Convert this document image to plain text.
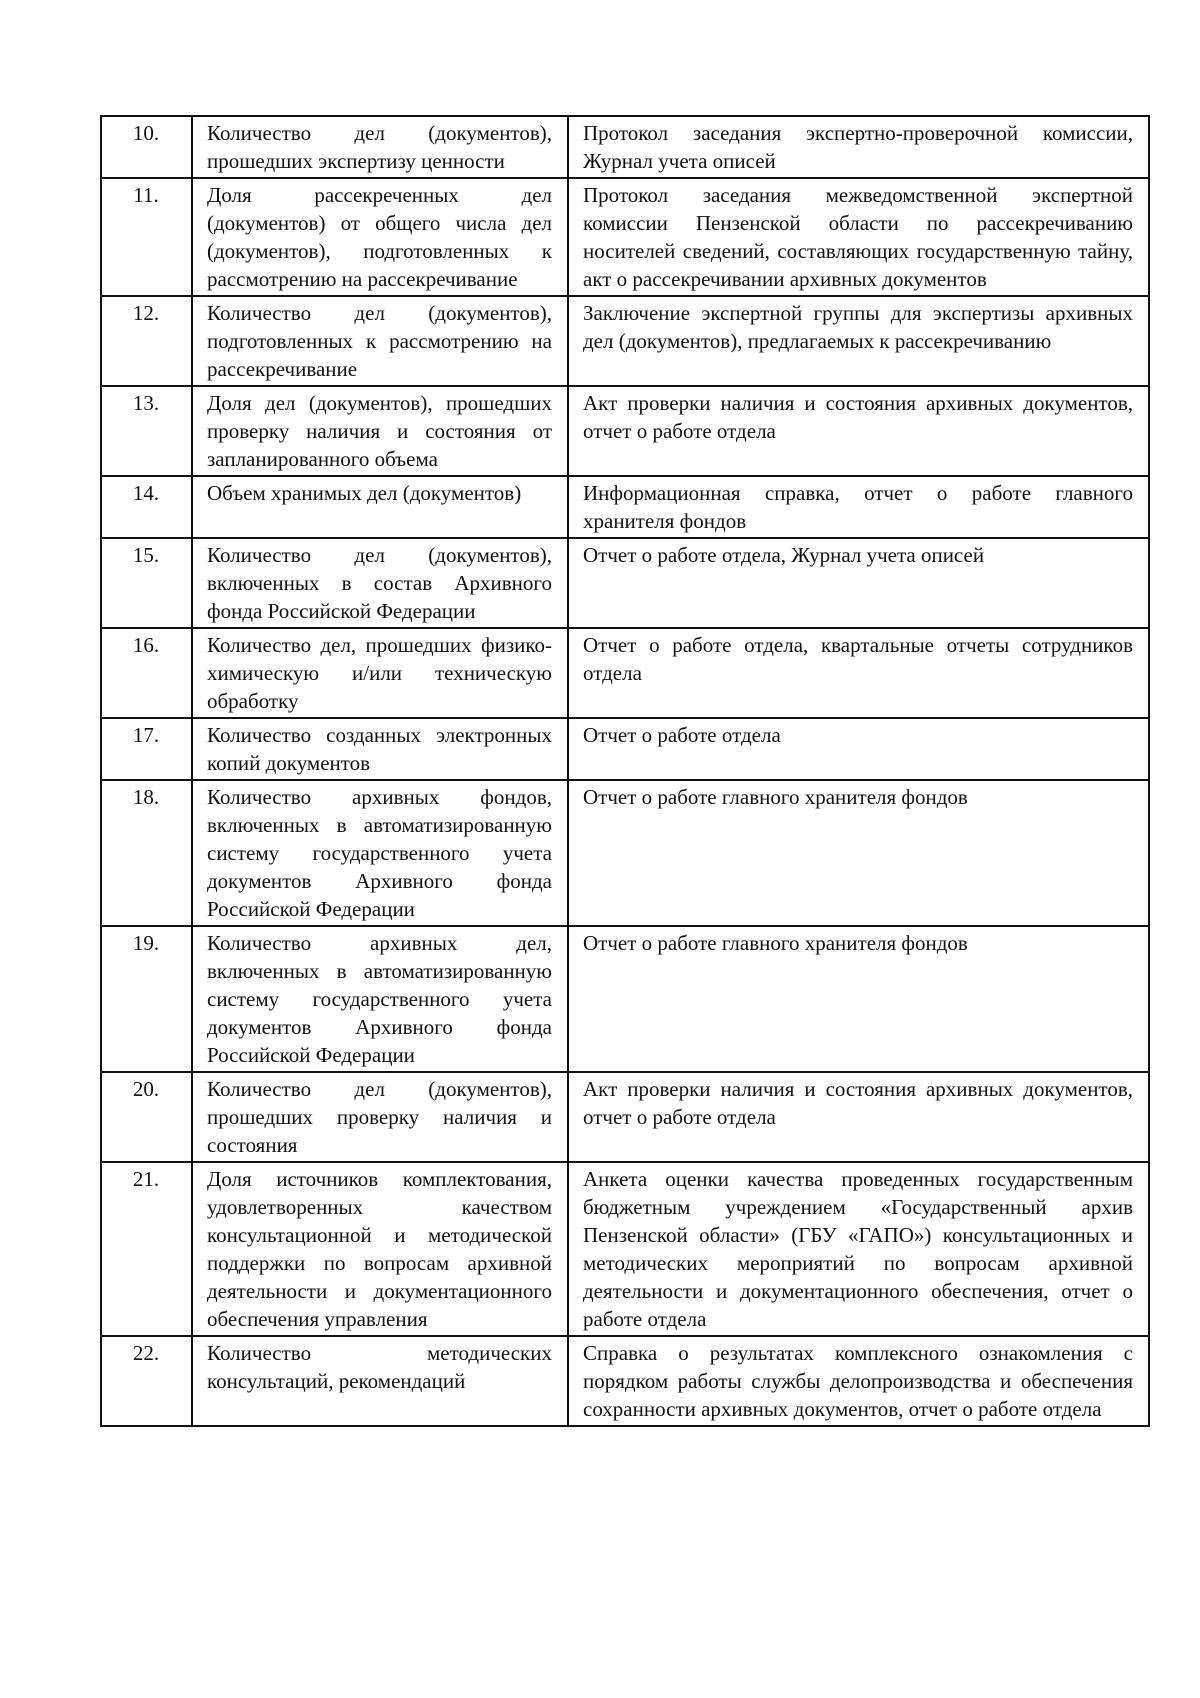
10.	Количество дел (документов), прошедших экспертизу ценности	Протокол заседания экспертно-проверочной комиссии, Журнал учета описей
11.	Доля рассекреченных дел (документов) от общего числа дел (документов), подготовленных к рассмотрению на рассекречивание	Протокол заседания межведомственной экспертной комиссии Пензенской области по рассекречиванию носителей сведений, составляющих государственную тайну, акт о рассекречивании архивных документов
12.	Количество дел (документов), подготовленных к рассмотрению на рассекречивание	Заключение экспертной группы для экспертизы архивных дел (документов), предлагаемых к рассекречиванию
13.	Доля дел (документов), прошедших проверку наличия и состояния от запланированного объема	Акт проверки наличия и состояния архивных документов, отчет о работе отдела
14.	Объем хранимых дел (документов)	Информационная справка, отчет о работе главного хранителя фондов
15.	Количество дел (документов), включенных в состав Архивного фонда Российской Федерации	Отчет о работе отдела, Журнал учета описей
16.	Количество дел, прошедших физико-химическую и/или техническую обработку	Отчет о работе отдела, квартальные отчеты сотрудников отдела
17.	Количество созданных электронных копий документов	Отчет о работе отдела
18.	Количество архивных фондов, включенных в автоматизированную систему государственного учета документов Архивного фонда Российской Федерации	Отчет о работе главного хранителя фондов
19.	Количество архивных дел, включенных в автоматизированную систему государственного учета документов Архивного фонда Российской Федерации	Отчет о работе главного хранителя фондов
20.	Количество дел (документов), прошедших проверку наличия и состояния	Акт проверки наличия и состояния архивных документов, отчет о работе отдела
21.	Доля источников комплектования, удовлетворенных качеством консультационной и методической поддержки по вопросам архивной деятельности и документационного обеспечения управления	Анкета оценки качества проведенных государственным бюджетным учреждением «Государственный архив Пензенской области» (ГБУ «ГАПО») консультационных и методических мероприятий по вопросам архивной деятельности и документационного обеспечения, отчет о работе отдела
22.	Количество методических консультаций, рекомендаций	Справка о результатах комплексного ознакомления с порядком работы службы делопроизводства и обеспечения сохранности архивных документов, отчет о работе отдела
